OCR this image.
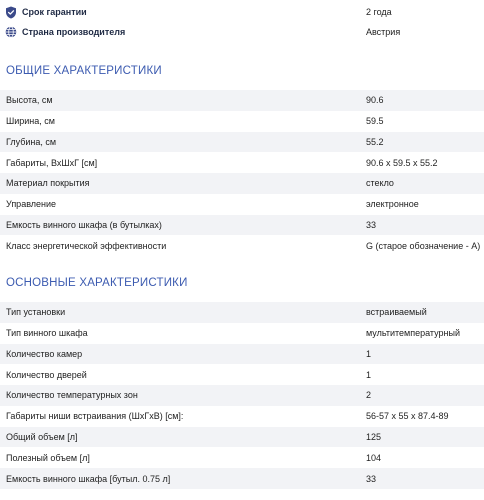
Срок гарантии	2 года
Страна производителя	Австрия
ОБЩИЕ ХАРАКТЕРИСТИКИ
Высота, см	90.6
Ширина, см	59.5
Глубина, см	55.2
Габариты, ВхШхГ [см]	90.6 x 59.5 x 55.2
Материал покрытия	стекло
Управление	электронное
Емкость винного шкафа (в бутылках)	33
Класс энергетической эффективности	G (старое обозначение - A)
ОСНОВНЫЕ ХАРАКТЕРИСТИКИ
Тип установки	встраиваемый
Тип винного шкафа	мультитемпературный
Количество камер	1
Количество дверей	1
Количество температурных зон	2
Габариты ниши встраивания (ШхГхВ) [см]:	56-57 x 55 x 87.4-89
Общий объем [л]	125
Полезный объем [л]	104
Емкость винного шкафа [бутыл. 0.75 л]	33
